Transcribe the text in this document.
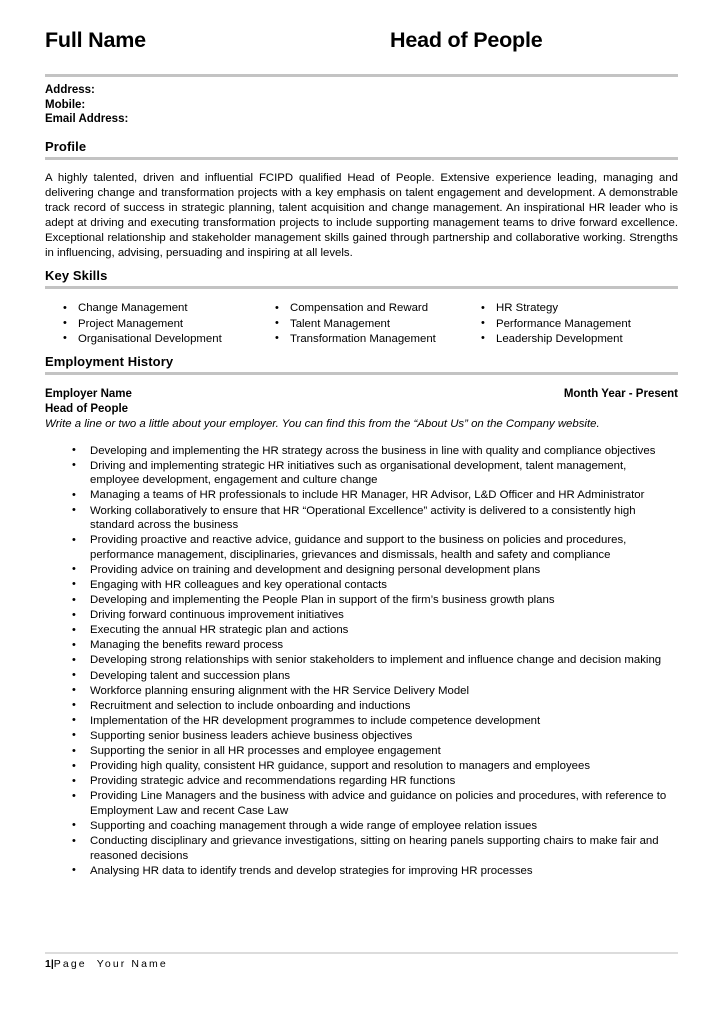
Full Name	Head of People
Address:
Mobile:
Email Address:
Profile

A highly talented, driven and influential FCIPD qualified Head of People. Extensive experience leading, managing and delivering change and transformation projects with a key emphasis on talent engagement and development. A demonstrable track record of success in strategic planning, talent acquisition and change management. An inspirational HR leader who is adept at driving and executing transformation projects to include supporting management teams to drive forward excellence. Exceptional relationship and stakeholder management skills gained through partnership and collaborative working. Strengths in influencing, advising, persuading and inspiring at all levels.

Key Skills
• Change Management
• Project Management
• Organisational Development
• Compensation and Reward
• Talent Management
• Transformation Management
• HR Strategy
• Performance Management
• Leadership Development
Employment History
Employer Name	Month Year - Present
Head of People
Write a line or two a little about your employer. You can find this from the “About Us” on the Company website.
• Developing and implementing the HR strategy across the business in line with quality and compliance objectives
• Driving and implementing strategic HR initiatives such as organisational development, talent management, employee development, engagement and culture change
• Managing a teams of HR professionals to include HR Manager, HR Advisor, L&D Officer and HR Administrator
• Working collaboratively to ensure that HR “Operational Excellence” activity is delivered to a consistently high standard across the business
• Providing proactive and reactive advice, guidance and support to the business on policies and procedures, performance management, disciplinaries, grievances and dismissals, health and safety and compliance
• Providing advice on training and development and designing personal development plans
• Engaging with HR colleagues and key operational contacts
• Developing and implementing the People Plan in support of the firm’s business growth plans
• Driving forward continuous improvement initiatives
• Executing the annual HR strategic plan and actions
• Managing the benefits reward process
• Developing strong relationships with senior stakeholders to implement and influence change and decision making
• Developing talent and succession plans
• Workforce planning ensuring alignment with the HR Service Delivery Model
• Recruitment and selection to include onboarding and inductions
• Implementation of the HR development programmes to include competence development
• Supporting senior business leaders achieve business objectives
• Supporting the senior in all HR processes and employee engagement
• Providing high quality, consistent HR guidance, support and resolution to managers and employees
• Providing strategic advice and recommendations regarding HR functions
• Providing Line Managers and the business with advice and guidance on policies and procedures, with reference to Employment Law and recent Case Law
• Supporting and coaching management through a wide range of employee relation issues
• Conducting disciplinary and grievance investigations, sitting on hearing panels supporting chairs to make fair and reasoned decisions
• Analysing HR data to identify trends and develop strategies for improving HR processes
1|Page Your Name
